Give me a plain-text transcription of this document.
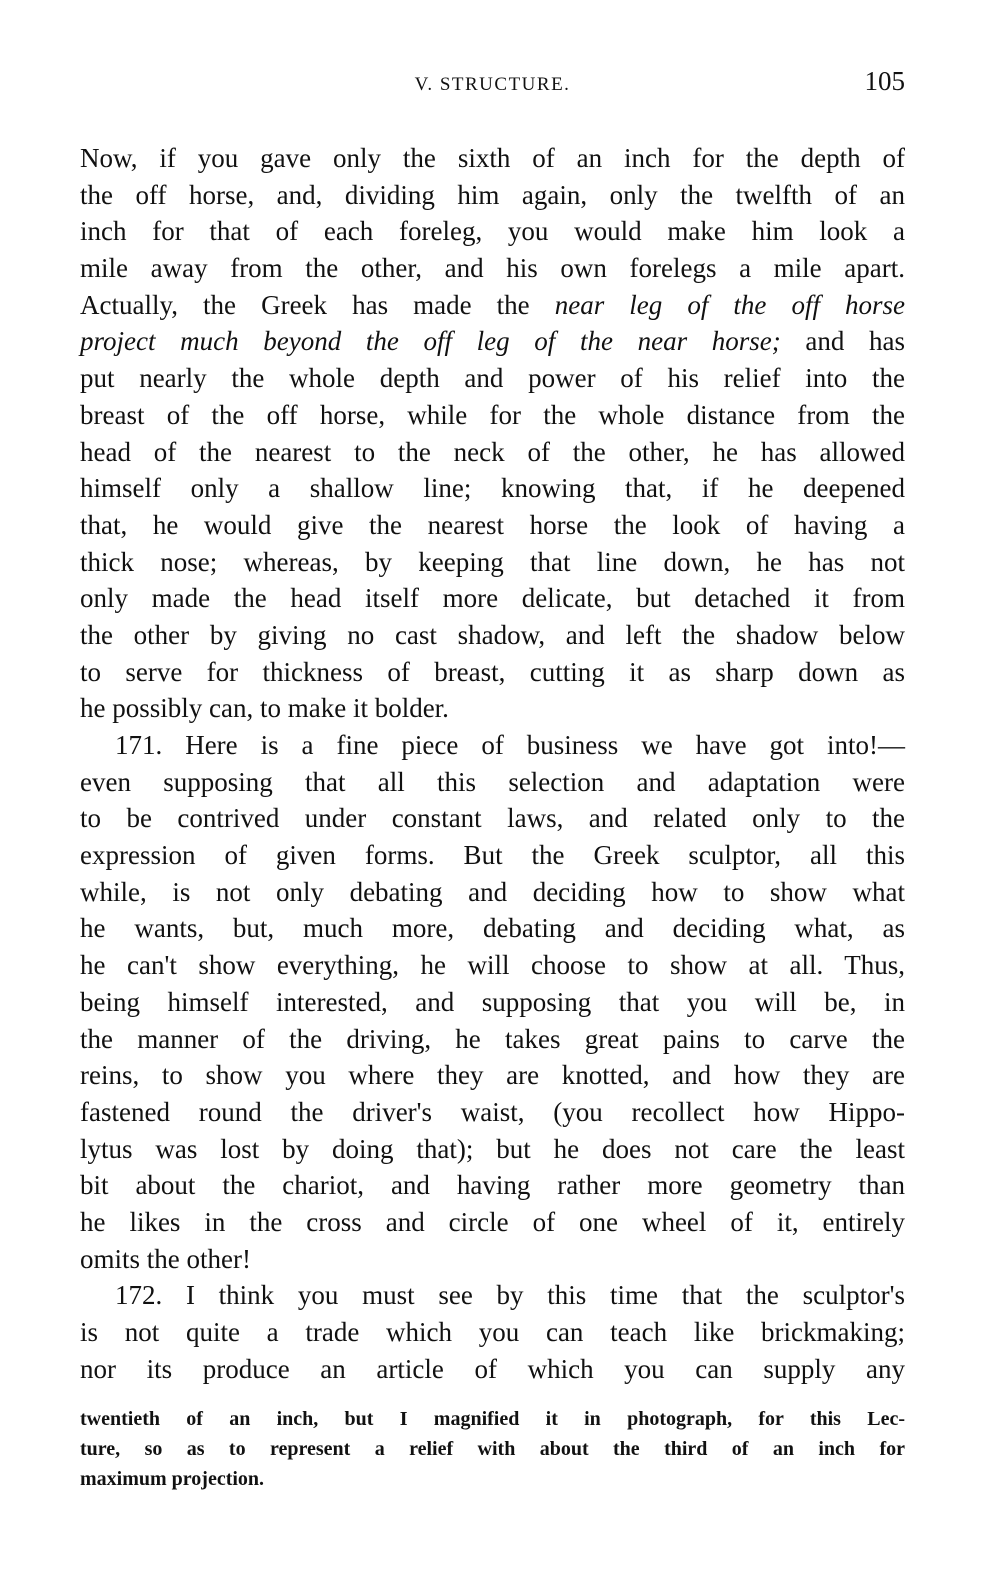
V. STRUCTURE.	105
Now, if you gave only the sixth of an inch for the depth of
the off horse, and, dividing him again, only the twelfth of an
inch for that of each foreleg, you would make him look a
mile away from the other, and his own forelegs a mile apart.
Actually, the Greek has made the near leg of the off horse
project much beyond the off leg of the near horse; and has
put nearly the whole depth and power of his relief into the
breast of the off horse, while for the whole distance from the
head of the nearest to the neck of the other, he has allowed
himself only a shallow line; knowing that, if he deepened
that, he would give the nearest horse the look of having a
thick nose; whereas, by keeping that line down, he has not
only made the head itself more delicate, but detached it from
the other by giving no cast shadow, and left the shadow below
to serve for thickness of breast, cutting it as sharp down as
he possibly can, to make it bolder.
171. Here is a fine piece of business we have got into!—
even supposing that all this selection and adaptation were
to be contrived under constant laws, and related only to the
expression of given forms. But the Greek sculptor, all this
while, is not only debating and deciding how to show what
he wants, but, much more, debating and deciding what, as
he can't show everything, he will choose to show at all. Thus,
being himself interested, and supposing that you will be, in
the manner of the driving, he takes great pains to carve the
reins, to show you where they are knotted, and how they are
fastened round the driver's waist, (you recollect how Hippo-
lytus was lost by doing that); but he does not care the least
bit about the chariot, and having rather more geometry than
he likes in the cross and circle of one wheel of it, entirely
omits the other!
172. I think you must see by this time that the sculptor's
is not quite a trade which you can teach like brickmaking;
nor its produce an article of which you can supply any
twentieth of an inch, but I magnified it in photograph, for this Lec-
ture, so as to represent a relief with about the third of an inch for
maximum projection.
